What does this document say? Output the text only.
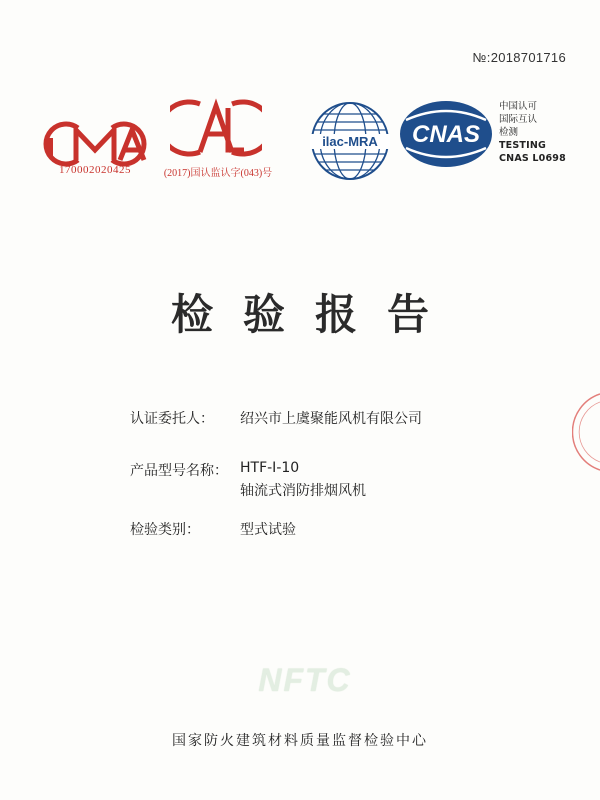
№:2018701716
170002020425	(2017)国认监认字(043)号
ilac-MRA CNAS
中国认可
国际互认
检测
TESTING
CNAS L0698
检验报告
认证委托人：	绍兴市上虞聚能风机有限公司
产品型号名称： HTF-Ⅰ-10
轴流式消防排烟风机
检验类别：	型式试验
NFTC
国家防火建筑材料质量监督检验中心
